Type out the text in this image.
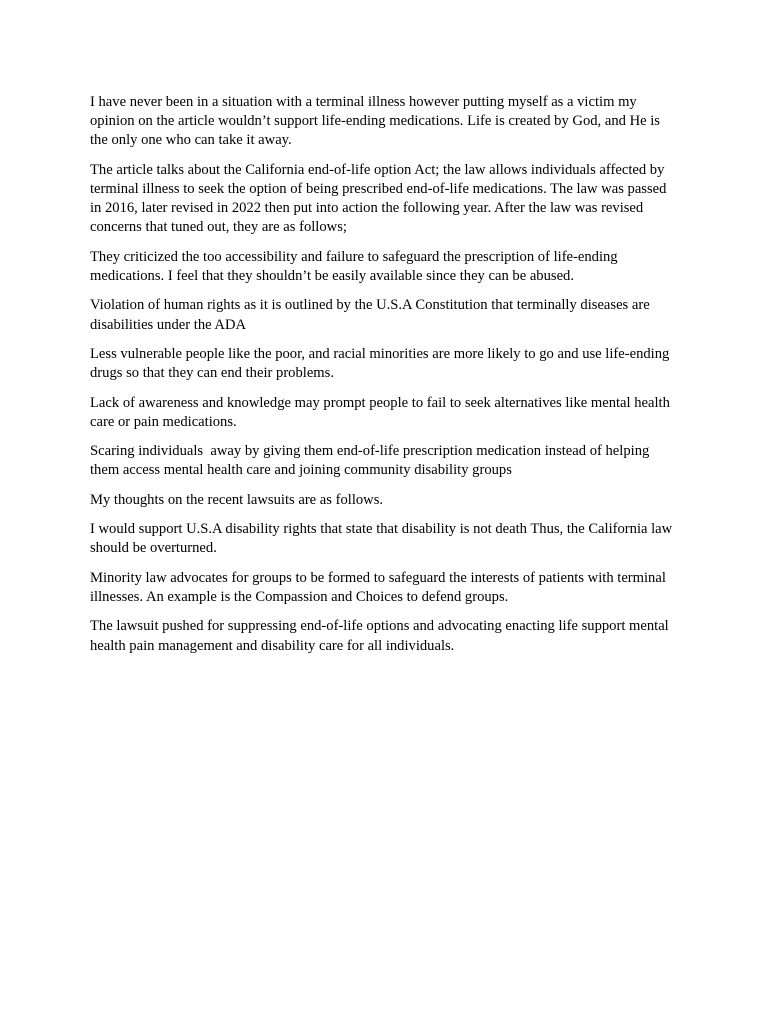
I have never been in a situation with a terminal illness however putting myself as a victim my opinion on the article wouldn’t support life-ending medications. Life is created by God, and He is the only one who can take it away.

The article talks about the California end-of-life option Act; the law allows individuals affected by terminal illness to seek the option of being prescribed end-of-life medications. The law was passed in 2016, later revised in 2022 then put into action the following year. After the law was revised concerns that tuned out, they are as follows;

They criticized the too accessibility and failure to safeguard the prescription of life-ending medications. I feel that they shouldn’t be easily available since they can be abused.

Violation of human rights as it is outlined by the U.S.A Constitution that terminally diseases are disabilities under the ADA

Less vulnerable people like the poor, and racial minorities are more likely to go and use life-ending drugs so that they can end their problems.

Lack of awareness and knowledge may prompt people to fail to seek alternatives like mental health care or pain medications.

Scaring individuals  away by giving them end-of-life prescription medication instead of helping them access mental health care and joining community disability groups

My thoughts on the recent lawsuits are as follows.

I would support U.S.A disability rights that state that disability is not death Thus, the California law should be overturned.

Minority law advocates for groups to be formed to safeguard the interests of patients with terminal illnesses. An example is the Compassion and Choices to defend groups.

The lawsuit pushed for suppressing end-of-life options and advocating enacting life support mental health pain management and disability care for all individuals.
